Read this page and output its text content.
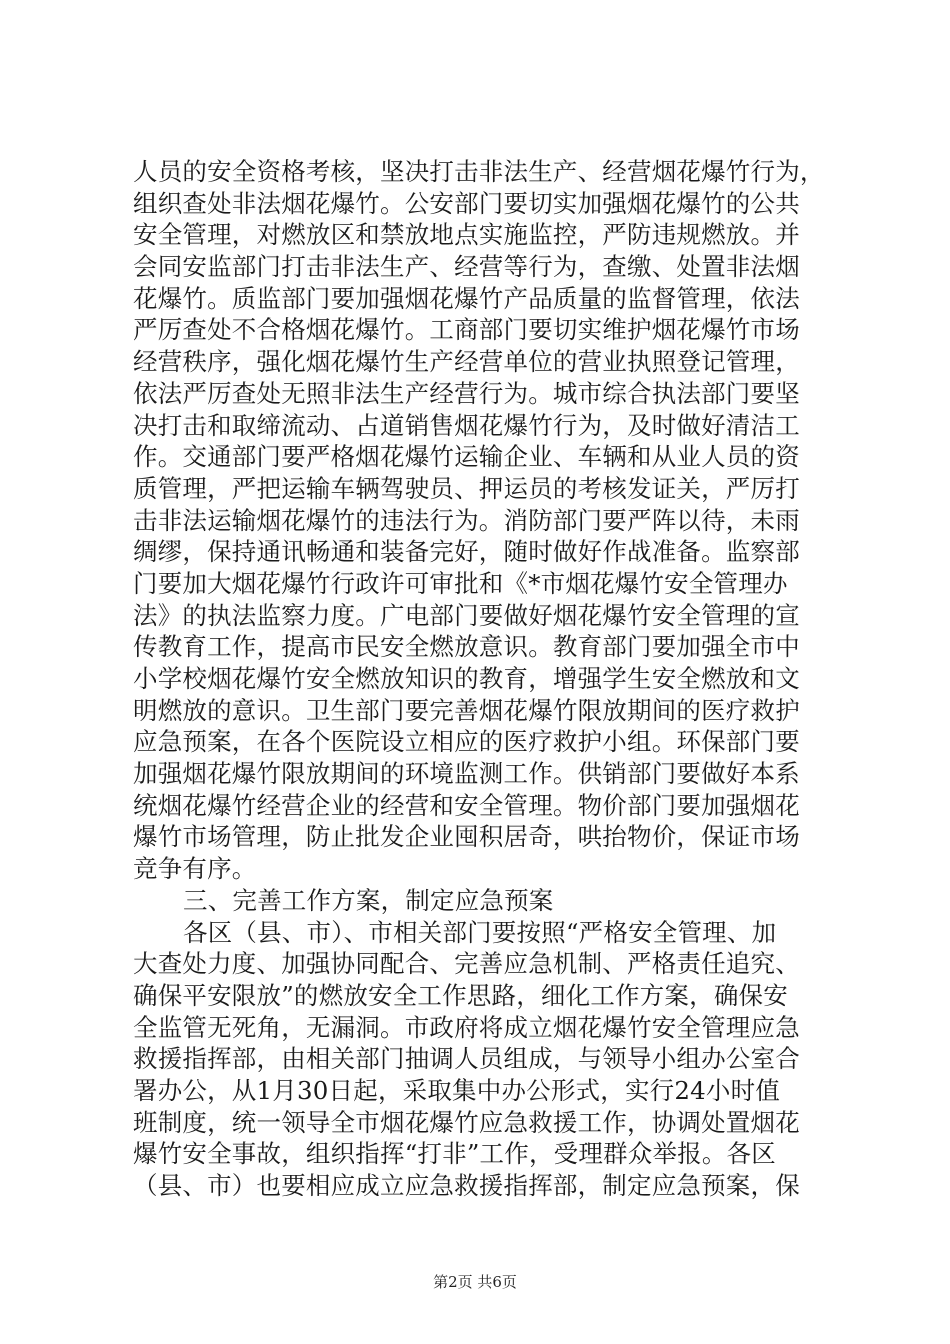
人员的安全资格考核，坚决打击非法生产、经营烟花爆竹行为，
组织查处非法烟花爆竹。公安部门要切实加强烟花爆竹的公共
安全管理，对燃放区和禁放地点实施监控，严防违规燃放。并
会同安监部门打击非法生产、经营等行为，查缴、处置非法烟
花爆竹。质监部门要加强烟花爆竹产品质量的监督管理，依法
严厉查处不合格烟花爆竹。工商部门要切实维护烟花爆竹市场
经营秩序，强化烟花爆竹生产经营单位的营业执照登记管理，
依法严厉查处无照非法生产经营行为。城市综合执法部门要坚
决打击和取缔流动、占道销售烟花爆竹行为，及时做好清洁工
作。交通部门要严格烟花爆竹运输企业、车辆和从业人员的资
质管理，严把运输车辆驾驶员、押运员的考核发证关，严厉打
击非法运输烟花爆竹的违法行为。消防部门要严阵以待，未雨
绸缪，保持通讯畅通和装备完好，随时做好作战准备。监察部
门要加大烟花爆竹行政许可审批和《*市烟花爆竹安全管理办
法》的执法监察力度。广电部门要做好烟花爆竹安全管理的宣
传教育工作，提高市民安全燃放意识。教育部门要加强全市中
小学校烟花爆竹安全燃放知识的教育，增强学生安全燃放和文
明燃放的意识。卫生部门要完善烟花爆竹限放期间的医疗救护
应急预案，在各个医院设立相应的医疗救护小组。环保部门要
加强烟花爆竹限放期间的环境监测工作。供销部门要做好本系
统烟花爆竹经营企业的经营和安全管理。物价部门要加强烟花
爆竹市场管理，防止批发企业囤积居奇，哄抬物价，保证市场
竞争有序。
三、完善工作方案，制定应急预案
各区（县、市）、市相关部门要按照“严格安全管理、加
大查处力度、加强协同配合、完善应急机制、严格责任追究、
确保平安限放”的燃放安全工作思路，细化工作方案，确保安
全监管无死角，无漏洞。市政府将成立烟花爆竹安全管理应急
救援指挥部，由相关部门抽调人员组成，与领导小组办公室合
署办公，从1月30日起，采取集中办公形式，实行24小时值
班制度，统一领导全市烟花爆竹应急救援工作，协调处置烟花
爆竹安全事故，组织指挥“打非”工作，受理群众举报。各区
（县、市）也要相应成立应急救援指挥部，制定应急预案，保
第2页 共6页
